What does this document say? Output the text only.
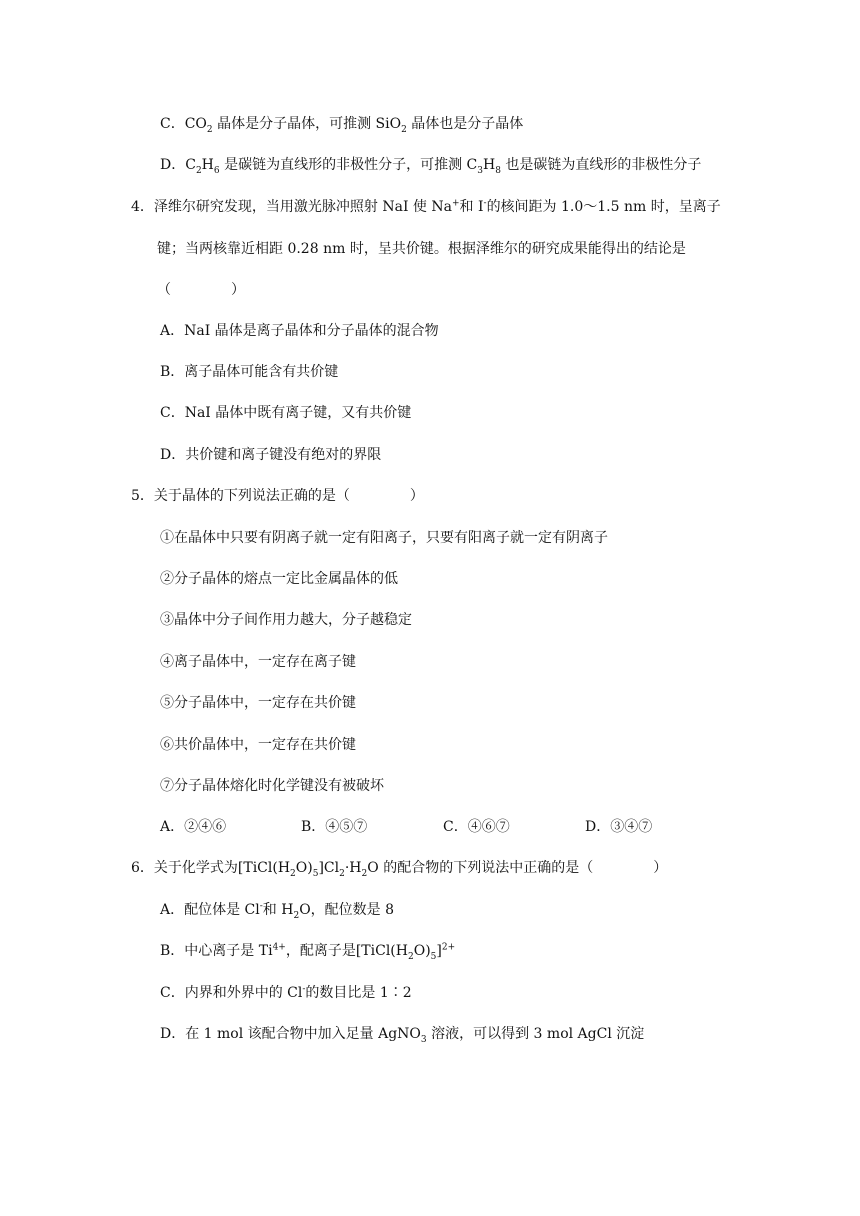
C．$CO_2$ 晶体是分子晶体，可推测 SiO$_2$ 晶体也是分子晶体
D．$C_2H_6$ 是碳链为直线形的非极性分子，可推测 $C_3H_8$ 也是碳链为直线形的非极性分子
4．泽维尔研究发现，当用激光脉冲照射 NaI 使 Na+和 I-的核间距为 1.0～1.5 nm 时，呈离子
键；当两核靠近相距 0.28 nm 时，呈共价键。根据泽维尔的研究成果能得出的结论是
（	）
A．NaI 晶体是离子晶体和分子晶体的混合物
B．离子晶体可能含有共价键
C．NaI 晶体中既有离子键，又有共价键
D．共价键和离子键没有绝对的界限
5．关于晶体的下列说法正确的是（	）
①在晶体中只要有阴离子就一定有阳离子，只要有阳离子就一定有阴离子
②分子晶体的熔点一定比金属晶体的低
③晶体中分子间作用力越大，分子越稳定
④离子晶体中，一定存在离子键
⑤分子晶体中，一定存在共价键
⑥共价晶体中，一定存在共价键
⑦分子晶体熔化时化学键没有被破坏
A．②④⑥	B．④⑤⑦	C．④⑥⑦	D．③④⑦
6．关于化学式为$[TiCl(H_2O)_5]Cl_2\cdot H_2O$ 的配合物的下列说法中正确的是（	）
A．配位体是 Cl-和 $H_2O$，配位数是 8
B．中心离子是 $Ti^{4+}$，配离子是$[TiCl(H_2O)_5]^{2+}$
C．内界和外界中的 Cl-的数目比是 1∶2
D．在 1 mol 该配合物中加入足量 AgNO$_3$ 溶液，可以得到 3 mol AgCl 沉淀
